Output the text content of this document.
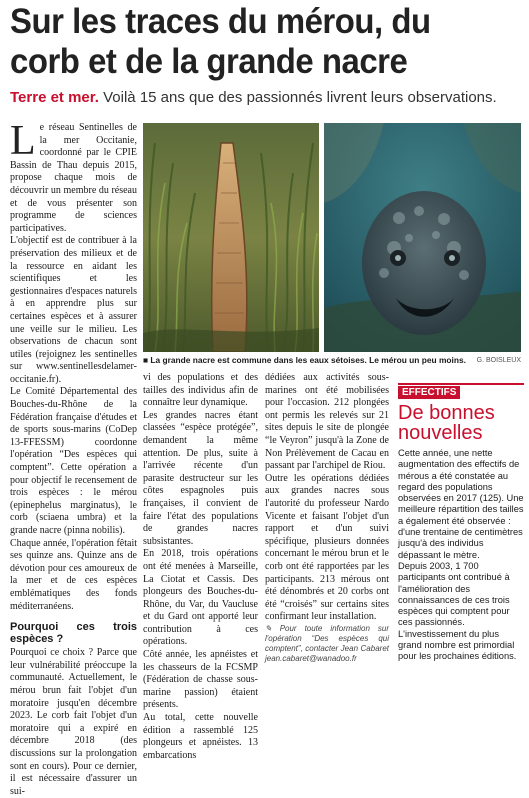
Sur les traces du mérou, du corb et de la grande nacre

Terre et mer. Voilà 15 ans que des passionnés livrent leurs observations.

L e réseau Sentinelles de la mer Occitanie, coordonné par le CPIE Bassin de Thau depuis 2015, propose chaque mois de découvrir un membre du réseau et de vous présenter son programme de sciences participatives.

L'objectif est de contribuer à la préservation des milieux et de la ressource en aidant les scientifiques et les gestionnaires d'espaces naturels à en apprendre plus sur certaines espèces et à assurer une veille sur le milieu. Les observations de chacun sont utiles (rejoignez les sentinelles sur www.sentinellesdelamer-occitanie.fr).

Le Comité Départemental des Bouches-du-Rhône de la Fédération française d'études et de sports sous-marins (CoDep 13-FFESSM) coordonne l'opération “Des espèces qui comptent”. Cette opération a pour objectif le recensement de trois espèces : le mérou (epinephelus marginatus), le corb (sciaena umbra) et la grande nacre (pinna nobilis).

Chaque année, l'opération fêtait ses quinze ans. Quinze ans de dévotion pour ces amoureux de la mer et de ces espèces emblématiques des fonds méditerranéens.

Pourquoi ces trois espèces ?

Pourquoi ce choix ? Parce que leur vulnérabilité préoccupe la communauté. Actuellement, le mérou brun fait l'objet d'un moratoire jusqu'en décembre 2023. Le corb fait l'objet d'un moratoire qui a expiré en décembre 2018 (des discussions sur la prolongation sont en cours). Pour ce dernier, il est nécessaire d'assurer un sui-

■ La grande nacre est commune dans les eaux sétoises. Le mérou un peu moins. G. BOISLEUX

vi des populations et des tailles des individus afin de connaître leur dynamique.

Les grandes nacres étant classées “espèce protégée”, demandent la même attention. De plus, suite à l'arrivée récente d'un parasite destructeur sur les côtes espagnoles puis françaises, il convient de faire l'état des populations de grandes nacres subsistantes.

En 2018, trois opérations ont été menées à Marseille, La Ciotat et Cassis. Des plongeurs des Bouches-du-Rhône, du Var, du Vaucluse et du Gard ont apporté leur contribution à ces opérations.

Côté année, les apnéistes et les chasseurs de la FCSMP (Fédération de chasse sous-marine passion) étaient présents.

Au total, cette nouvelle édition a rassemblé 125 plongeurs et apnéistes. 13 embarcations

dédiées aux activités sous-marines ont été mobilisées pour l'occasion. 212 plongées ont permis les relevés sur 21 sites depuis le site de plongée “le Veyron” jusqu'à la Zone de Non Prélèvement de Cacau en passant par l'archipel de Riou.

Outre les opérations dédiées aux grandes nacres sous l'autorité du professeur Nardo Vicente et faisant l'objet d'un rapport et d'un suivi spécifique, plusieurs données concernant le mérou brun et le corb ont été rapportées par les participants. 213 mérous ont été dénombrés et 20 corbs ont été “croisés” sur certains sites confirmant leur installation.

✎ Pour toute information sur l'opération “Des espèces qui comptent”, contacter Jean Cabaret jean.cabaret@wanadoo.fr

EFFECTIFS
De bonnes nouvelles
Cette année, une nette augmentation des effectifs de mérous a été constatée au regard des populations observées en 2017 (125). Une meilleure répartition des tailles a également été observée : d'une trentaine de centimètres jusqu'à des individus dépassant le mètre.
Depuis 2003, 1 700 participants ont contribué à l'amélioration des connaissances de ces trois espèces qui comptent pour ces passionnés.
L'investissement du plus grand nombre est primordial pour les prochaines éditions.
